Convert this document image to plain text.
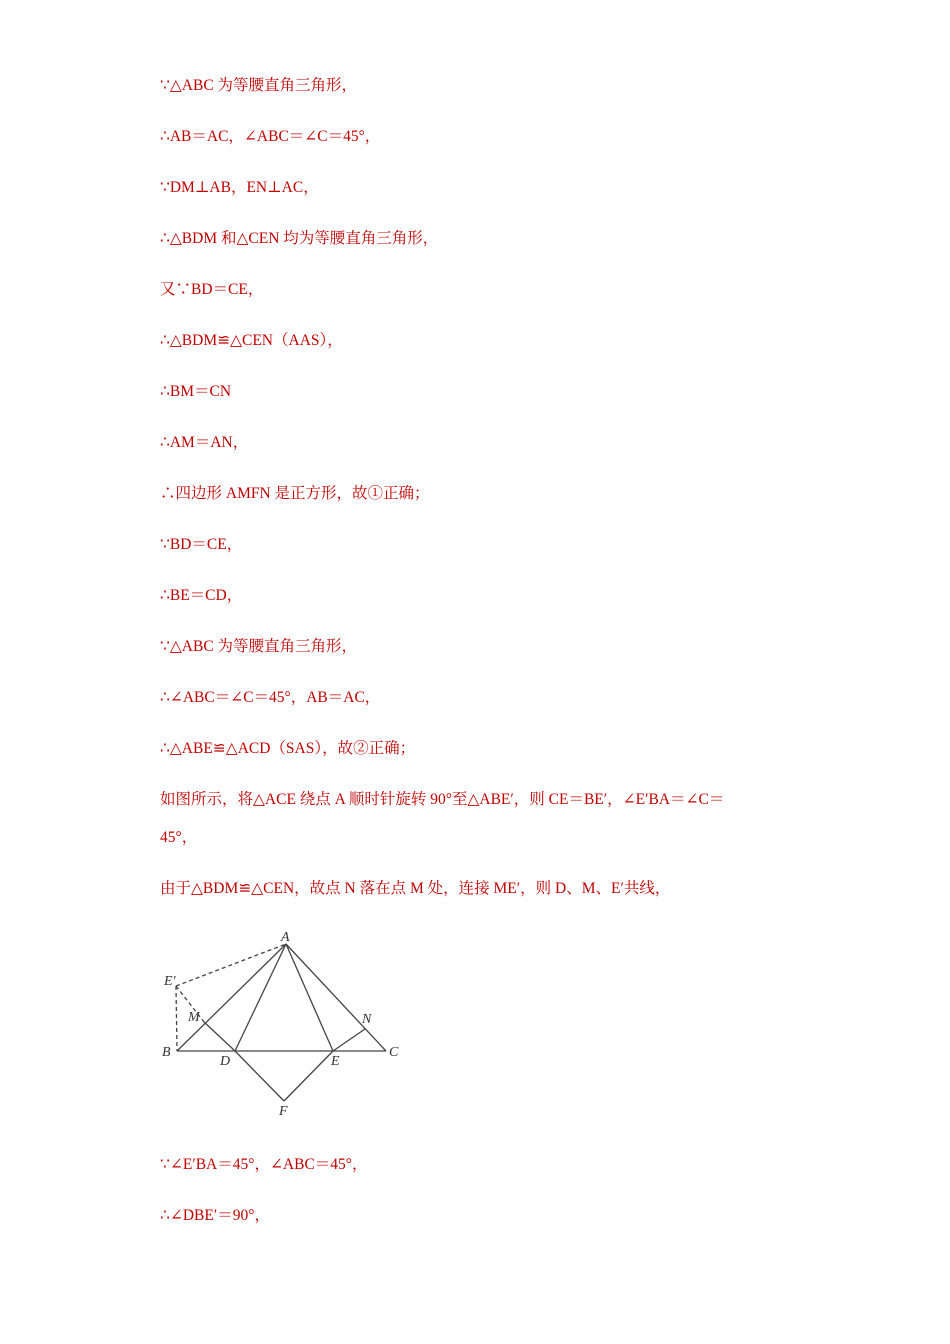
∵△ABC 为等腰直角三角形，

∴AB＝AC，∠ABC＝∠C＝45°，

∵DM⊥AB，EN⊥AC，

∴△BDM 和△CEN 均为等腰直角三角形，

又∵BD＝CE，

∴△BDM≌△CEN（AAS），

∴BM＝CN

∴AM＝AN，

∴四边形 AMFN 是正方形，故①正确；

∵BD＝CE，

∴BE＝CD，

∵△ABC 为等腰直角三角形，

∴∠ABC＝∠C＝45°，AB＝AC，

∴△ABE≌△ACD（SAS），故②正确；

如图所示，将△ACE 绕点 A 顺时针旋转 90°至△ABE′，则 CE＝BE′，∠E′BA＝∠C＝

45°，

由于△BDM≌△CEN，故点 N 落在点 M 处，连接 ME′，则 D、M、E′共线，

A
E′
M	N
B
D	E
C
F

∵∠E′BA＝45°，∠ABC＝45°，

∴∠DBE′＝90°，
